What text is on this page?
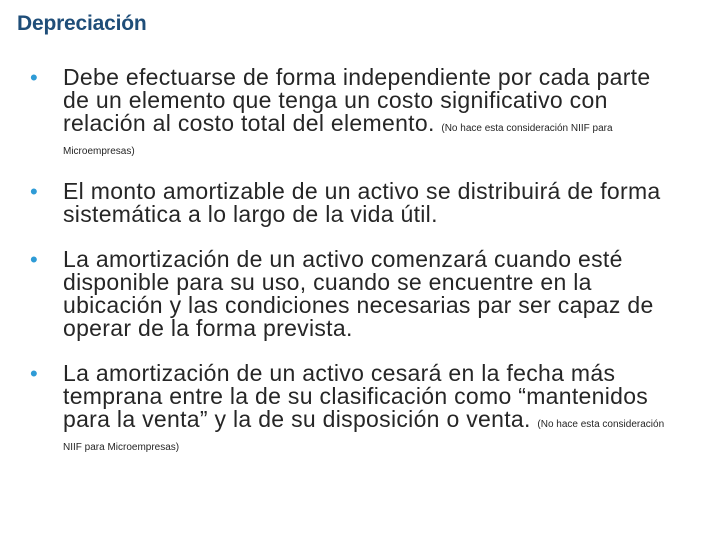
Depreciación
• Debe efectuarse de forma independiente por cada parte de un elemento que tenga un costo significativo con relación al costo total del elemento. (No hace esta consideración NIIF para Microempresas)
• El monto amortizable de un activo se distribuirá de forma sistemática a lo largo de la vida útil.
• La amortización de un activo comenzará cuando esté disponible para su uso, cuando se encuentre en la ubicación y las condiciones necesarias par ser capaz de operar de la forma prevista.
• La amortización de un activo cesará en la fecha más temprana entre la de su clasificación como “mantenidos para la venta” y la de su disposición o venta. (No hace esta consideración NIIF para Microempresas)
